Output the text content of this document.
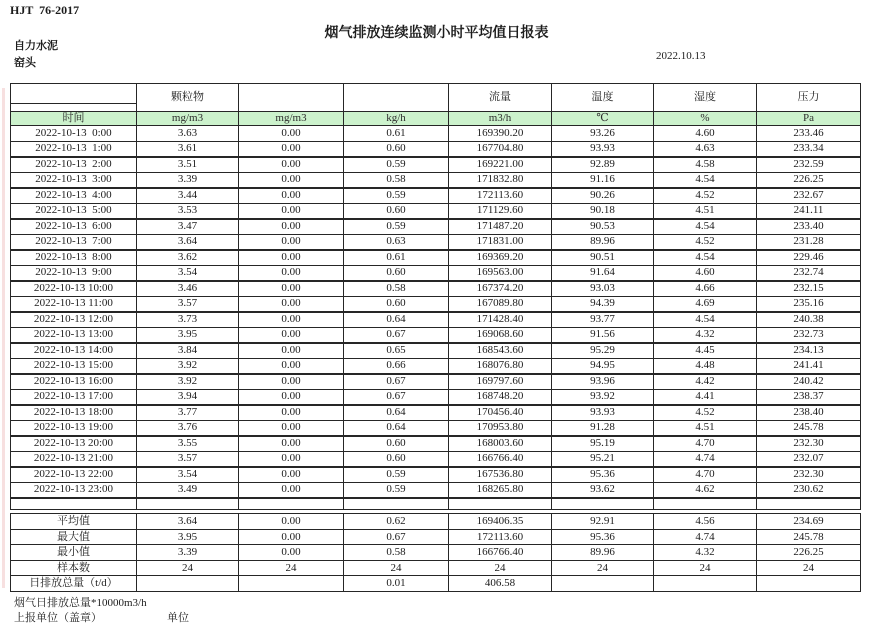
HJT  76-2017
烟气排放连续监测小时平均值日报表
自力水泥
窑头
2022.10.13
	颗粒物			流量	温度	湿度	压力
时间	mg/m3	mg/m3	kg/h	m3/h	℃	%	Pa
2022-10-13  0:00	3.63	0.00	0.61	169390.20	93.26	4.60	233.46
2022-10-13  1:00	3.61	0.00	0.60	167704.80	93.93	4.63	233.34
2022-10-13  2:00	3.51	0.00	0.59	169221.00	92.89	4.58	232.59
2022-10-13  3:00	3.39	0.00	0.58	171832.80	91.16	4.54	226.25
2022-10-13  4:00	3.44	0.00	0.59	172113.60	90.26	4.52	232.67
2022-10-13  5:00	3.53	0.00	0.60	171129.60	90.18	4.51	241.11
2022-10-13  6:00	3.47	0.00	0.59	171487.20	90.53	4.54	233.40
2022-10-13  7:00	3.64	0.00	0.63	171831.00	89.96	4.52	231.28
2022-10-13  8:00	3.62	0.00	0.61	169369.20	90.51	4.54	229.46
2022-10-13  9:00	3.54	0.00	0.60	169563.00	91.64	4.60	232.74
2022-10-13 10:00	3.46	0.00	0.58	167374.20	93.03	4.66	232.15
2022-10-13 11:00	3.57	0.00	0.60	167089.80	94.39	4.69	235.16
2022-10-13 12:00	3.73	0.00	0.64	171428.40	93.77	4.54	240.38
2022-10-13 13:00	3.95	0.00	0.67	169068.60	91.56	4.32	232.73
2022-10-13 14:00	3.84	0.00	0.65	168543.60	95.29	4.45	234.13
2022-10-13 15:00	3.92	0.00	0.66	168076.80	94.95	4.48	241.41
2022-10-13 16:00	3.92	0.00	0.67	169797.60	93.96	4.42	240.42
2022-10-13 17:00	3.94	0.00	0.67	168748.20	93.92	4.41	238.37
2022-10-13 18:00	3.77	0.00	0.64	170456.40	93.93	4.52	238.40
2022-10-13 19:00	3.76	0.00	0.64	170953.80	91.28	4.51	245.78
2022-10-13 20:00	3.55	0.00	0.60	168003.60	95.19	4.70	232.30
2022-10-13 21:00	3.57	0.00	0.60	166766.40	95.21	4.74	232.07
2022-10-13 22:00	3.54	0.00	0.59	167536.80	95.36	4.70	232.30
2022-10-13 23:00	3.49	0.00	0.59	168265.80	93.62	4.62	230.62

平均值	3.64	0.00	0.62	169406.35	92.91	4.56	234.69
最大值	3.95	0.00	0.67	172113.60	95.36	4.74	245.78
最小值	3.39	0.00	0.58	166766.40	89.96	4.32	226.25
样本数	24	24	24	24	24	24	24
日排放总量（t/d）			0.01	406.58			
烟气日排放总量*10000m3/h
上报单位（盖章）	单位
